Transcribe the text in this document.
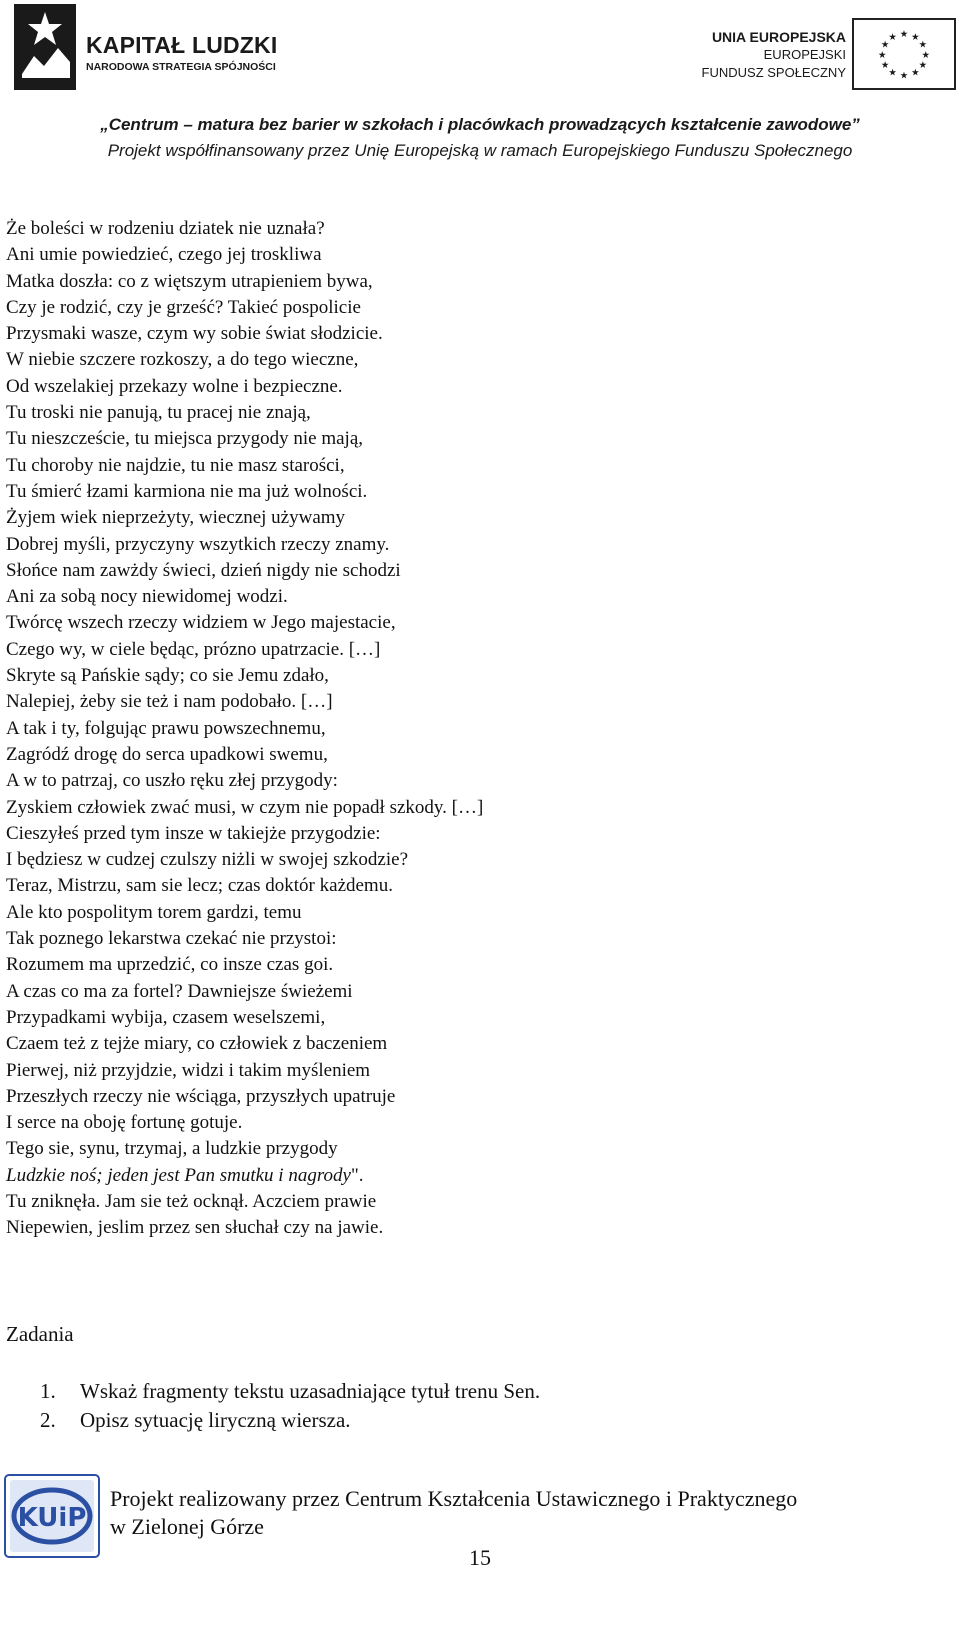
KAPITAŁ LUDZKI
NARODOWA STRATEGIA SPÓJNOŚCI
UNIA EUROPEJSKA
EUROPEJSKI
FUNDUSZ SPOŁECZNY
★ ★
★
★
★
★
★
★
★
★
★
★
„Centrum – matura bez barier w szkołach i placówkach prowadzących kształcenie zawodowe”
Projekt współfinansowany przez Unię Europejską w ramach Europejskiego Funduszu Społecznego
Że boleści w rodzeniu dziatek nie uznała?
Ani umie powiedzieć, czego jej troskliwa
Matka doszła: co z więtszym utrapieniem bywa,
Czy je rodzić, czy je grześć? Takieć pospolicie
Przysmaki wasze, czym wy sobie świat słodzicie.
W niebie szczere rozkoszy, a do tego wieczne,
Od wszelakiej przekazy wolne i bezpieczne.
Tu troski nie panują, tu pracej nie znają,
Tu nieszczeście, tu miejsca przygody nie mają,
Tu choroby nie najdzie, tu nie masz starości,
Tu śmierć łzami karmiona nie ma już wolności.
Żyjem wiek nieprzeżyty, wiecznej używamy
Dobrej myśli, przyczyny wszytkich rzeczy znamy.
Słońce nam zawżdy świeci, dzień nigdy nie schodzi
Ani za sobą nocy niewidomej wodzi.
Twórcę wszech rzeczy widziem w Jego majestacie,
Czego wy, w ciele będąc, prózno upatrzacie. […]
Skryte są Pańskie sądy; co sie Jemu zdało,
Nalepiej, żeby sie też i nam podobało. […]
A tak i ty, folgując prawu powszechnemu,
Zagródź drogę do serca upadkowi swemu,
A w to patrzaj, co uszło ręku złej przygody:
Zyskiem człowiek zwać musi, w czym nie popadł szkody. […]
Cieszyłeś przed tym insze w takiejże przygodzie:
I będziesz w cudzej czulszy niżli w swojej szkodzie?
Teraz, Mistrzu, sam sie lecz; czas doktór każdemu.
Ale kto pospolitym torem gardzi, temu
Tak poznego lekarstwa czekać nie przystoi:
Rozumem ma uprzedzić, co insze czas goi.
A czas co ma za fortel? Dawniejsze świeżemi
Przypadkami wybija, czasem weselszemi,
Czaem też z tejże miary, co człowiek z baczeniem
Pierwej, niż przyjdzie, widzi i takim myśleniem
Przeszłych rzeczy nie wściąga, przyszłych upatruje
I serce na oboję fortunę gotuje.
Tego sie, synu, trzymaj, a ludzkie przygody
Ludzkie noś; jeden jest Pan smutku i nagrody".
Tu zniknęła. Jam sie też ocknął. Aczciem prawie
Niepewien, jeslim przez sen słuchał czy na jawie.
Zadania
1.	Wskaż fragmenty tekstu uzasadniające tytuł trenu Sen.
2.	Opisz sytuację liryczną wiersza.
KUiP
Projekt realizowany przez Centrum Kształcenia Ustawicznego i Praktycznego
w Zielonej Górze
15
